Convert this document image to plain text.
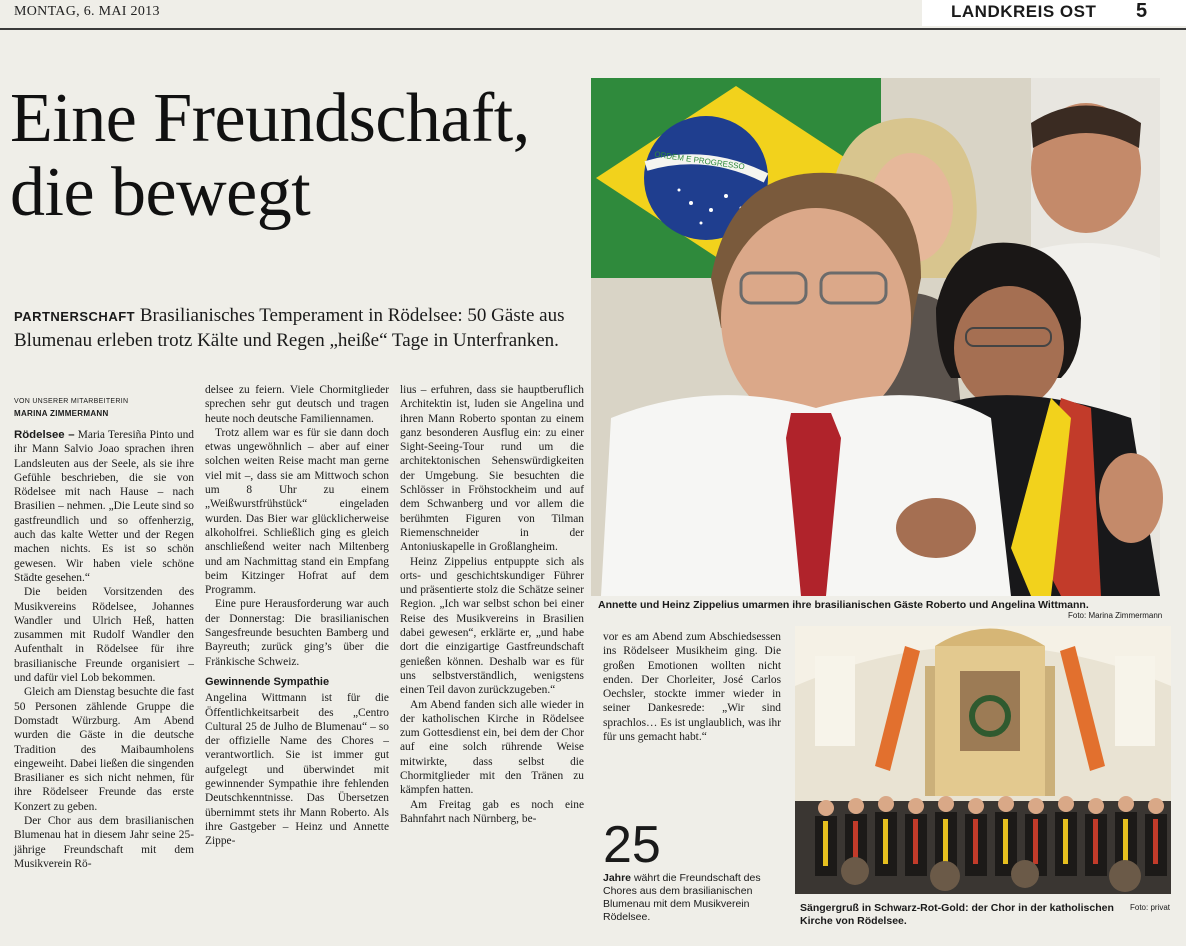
MONTAG, 6. MAI 2013	LANDKREIS OST 5
Eine Freundschaft,
die bewegt
PARTNERSCHAFT Brasilianisches Temperament in Rödelsee: 50 Gäste aus Blumenau erleben trotz Kälte und Regen „heiße“ Tage in Unterfranken.
VON UNSERER MITARBEITERIN
MARINA ZIMMERMANN

Rödelsee – Maria Teresiña Pinto und ihr Mann Salvio Joao sprachen ihren Landsleuten aus der Seele, als sie ihre Gefühle beschrieben, die sie von Rödelsee mit nach Hause – nach Brasilien – nehmen. „Die Leute sind so gastfreundlich und so offenherzig, auch das kalte Wetter und der Regen machen nichts. Es ist so schön gewesen. Wir haben viele schöne Städte gesehen.“

Die beiden Vorsitzenden des Musikvereins Rödelsee, Johannes Wandler und Ulrich Heß, hatten zusammen mit Rudolf Wandler den Aufenthalt in Rödelsee für ihre brasilianische Freunde organisiert – und dafür viel Lob bekommen.

Gleich am Dienstag besuchte die fast 50 Personen zählende Gruppe die Domstadt Würzburg. Am Abend wurden die Gäste in die deutsche Tradition des Maibaumholens eingeweiht. Dabei ließen die singenden Brasilianer es sich nicht nehmen, für ihre Rödelseer Freunde das erste Konzert zu geben.

Der Chor aus dem brasilianischen Blumenau hat in diesem Jahr seine 25-jährige Freundschaft mit dem Musikverein Rö-

delsee zu feiern. Viele Chormitglieder sprechen sehr gut deutsch und tragen heute noch deutsche Familiennamen.

Trotz allem war es für sie dann doch etwas ungewöhnlich – aber auf einer solchen weiten Reise macht man gerne viel mit –, dass sie am Mittwoch schon um 8 Uhr zu einem „Weißwurstfrühstück“ eingeladen wurden. Das Bier war glücklicherweise alkoholfrei. Schließlich ging es gleich anschließend weiter nach Miltenberg und am Nachmittag stand ein Empfang beim Kitzinger Hofrat auf dem Programm.

Eine pure Herausforderung war auch der Donnerstag: Die brasilianischen Sangesfreunde besuchten Bamberg und Bayreuth; zurück ging’s über die Fränkische Schweiz.

Gewinnende Sympathie

Angelina Wittmann ist für die Öffentlichkeitsarbeit des „Centro Cultural 25 de Julho de Blumenau“ – so der offizielle Name des Chores – verantwortlich. Sie ist immer gut aufgelegt und überwindet mit gewinnender Sympathie ihre fehlenden Deutschkenntnisse. Das Übersetzen übernimmt stets ihr Mann Roberto. Als ihre Gastgeber – Heinz und Annette Zippe-

lius – erfuhren, dass sie hauptberuflich Architektin ist, luden sie Angelina und ihren Mann Roberto spontan zu einem ganz besonderen Ausflug ein: zu einer Sight-Seeing-Tour rund um die architektonischen Sehenswürdigkeiten der Umgebung. Sie besuchten die Schlösser in Fröhstockheim und auf dem Schwanberg und vor allem die berühmten Figuren von Tilman Riemenschneider in der Antoniuskapelle in Großlangheim.

Heinz Zippelius entpuppte sich als orts- und geschichtskundiger Führer und präsentierte stolz die Schätze seiner Region. „Ich war selbst schon bei einer Reise des Musikvereins in Brasilien dabei gewesen“, erklärte er, „und habe dort die einzigartige Gastfreundschaft genießen können. Deshalb war es für uns selbstverständlich, wenigstens einen Teil davon zurückzugeben.“

Am Abend fanden sich alle wieder in der katholischen Kirche in Rödelsee zum Gottesdienst ein, bei dem der Chor auf eine solch rührende Weise mitwirkte, dass selbst die Chormitglieder mit den Tränen zu kämpfen hatten.

Am Freitag gab es noch eine Bahnfahrt nach Nürnberg, be-

vor es am Abend zum Abschiedsessen ins Rödelseer Musikheim ging. Die großen Emotionen wollten nicht enden. Der Chorleiter, José Carlos Oechsler, stockte immer wieder in seiner Dankesrede: „Wir sind sprachlos… Es ist unglaublich, was ihr für uns gemacht habt.“

25
Jahre währt die Freundschaft des Chores aus dem brasilianischen Blumenau mit dem Musikverein Rödelsee.
ORDEM E PROGRESSO
Annette und Heinz Zippelius umarmen ihre brasilianischen Gäste Roberto und Angelina Wittmann.
Foto: Marina Zimmermann
Sängergruß in Schwarz-Rot-Gold: der Chor in der katholischen Kirche von Rödelsee.
Foto: privat
